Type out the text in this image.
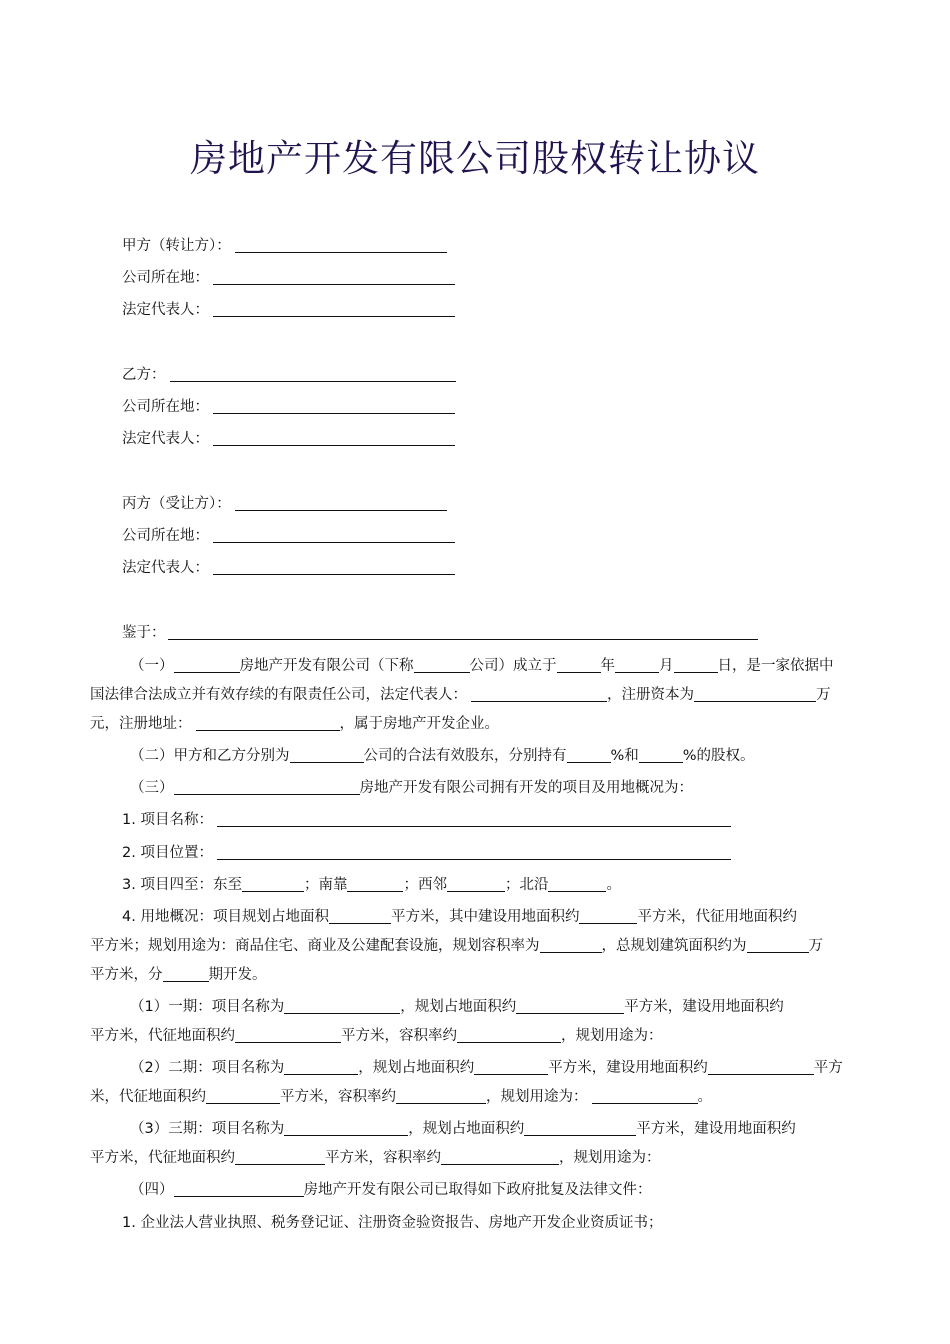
房地产开发有限公司股权转让协议
甲方（转让方）：
公司所在地：
法定代表人：
乙方：
公司所在地：
法定代表人：
丙方（受让方）：
公司所在地：
法定代表人：
鉴于：
（一）	房地产开发有限公司（下称	公司）成立于	年	月	日，是一家依据中
国法律合法成立并有效存续的有限责任公司，法定代表人：	，注册资本为	万
元，注册地址：	，属于房地产开发企业。
（二）甲方和乙方分别为	公司的合法有效股东，分别持有	%和	%的股权。
（三）	房地产开发有限公司拥有开发的项目及用地概况为：
1. 项目名称：
2. 项目位置：
3. 项目四至：东至	；南靠	；西邻	；北沿	。
4. 用地概况：项目规划占地面积	平方米，其中建设用地面积约	平方米，代征用地面积约
平方米；规划用途为：商品住宅、商业及公建配套设施，规划容积率为	，总规划建筑面积约为	万
平方米，分	期开发。
（1）一期：项目名称为	，规划占地面积约	平方米，建设用地面积约
平方米，代征地面积约	平方米，容积率约	，规划用途为：
（2）二期：项目名称为	，规划占地面积约	平方米，建设用地面积约	平方
米，代征地面积约	平方米，容积率约	，规划用途为：	。
（3）三期：项目名称为	，规划占地面积约	平方米，建设用地面积约
平方米，代征地面积约	平方米，容积率约	，规划用途为：
（四）	房地产开发有限公司已取得如下政府批复及法律文件：
1. 企业法人营业执照、税务登记证、注册资金验资报告、房地产开发企业资质证书；
